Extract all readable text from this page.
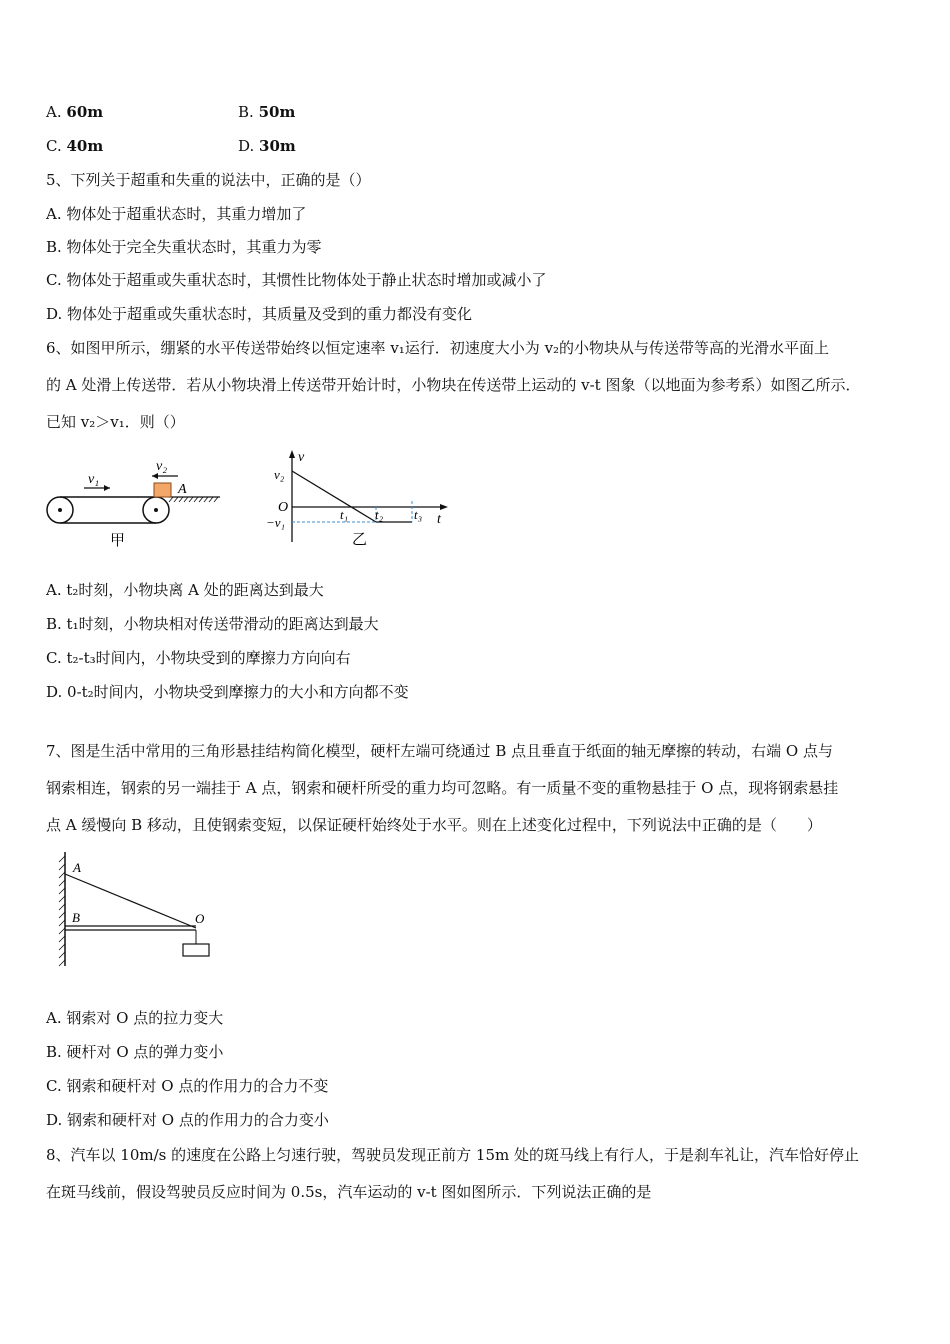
A. 60m	B. 50m
C. 40m	D. 30m
5、下列关于超重和失重的说法中，正确的是（）
A. 物体处于超重状态时，其重力增加了
B. 物体处于完全失重状态时，其重力为零
C. 物体处于超重或失重状态时，其惯性比物体处于静止状态时增加或减小了
D. 物体处于超重或失重状态时，其质量及受到的重力都没有变化
6、如图甲所示，绷紧的水平传送带始终以恒定速率 v₁运行．初速度大小为 v₂的小物块从与传送带等高的光滑水平面上
的 A 处滑上传送带．若从小物块滑上传送带开始计时，小物块在传送带上运动的 v-t 图象（以地面为参考系）如图乙所示．
已知 v₂＞v₁．则（）
v₁
v₂
A
甲
v
t
v₂
O
−v₁
t₁ t₂ t₃
乙
A. t₂时刻，小物块离 A 处的距离达到最大
B. t₁时刻，小物块相对传送带滑动的距离达到最大
C. t₂-t₃时间内，小物块受到的摩擦力方向向右
D. 0-t₂时间内，小物块受到摩擦力的大小和方向都不变
7、图是生活中常用的三角形悬挂结构简化模型，硬杆左端可绕通过 B 点且垂直于纸面的轴无摩擦的转动，右端 O 点与
钢索相连，钢索的另一端挂于 A 点，钢索和硬杆所受的重力均可忽略。有一质量不变的重物悬挂于 O 点，现将钢索悬挂
点 A 缓慢向 B 移动，且使钢索变短，以保证硬杆始终处于水平。则在上述变化过程中，下列说法中正确的是（　　）
A
B	O
A. 钢索对 O 点的拉力变大
B. 硬杆对 O 点的弹力变小
C. 钢索和硬杆对 O 点的作用力的合力不变
D. 钢索和硬杆对 O 点的作用力的合力变小
8、汽车以 10m/s 的速度在公路上匀速行驶，驾驶员发现正前方 15m 处的斑马线上有行人，于是刹车礼让，汽车恰好停止
在斑马线前，假设驾驶员反应时间为 0.5s，汽车运动的 v-t 图如图所示．下列说法正确的是
